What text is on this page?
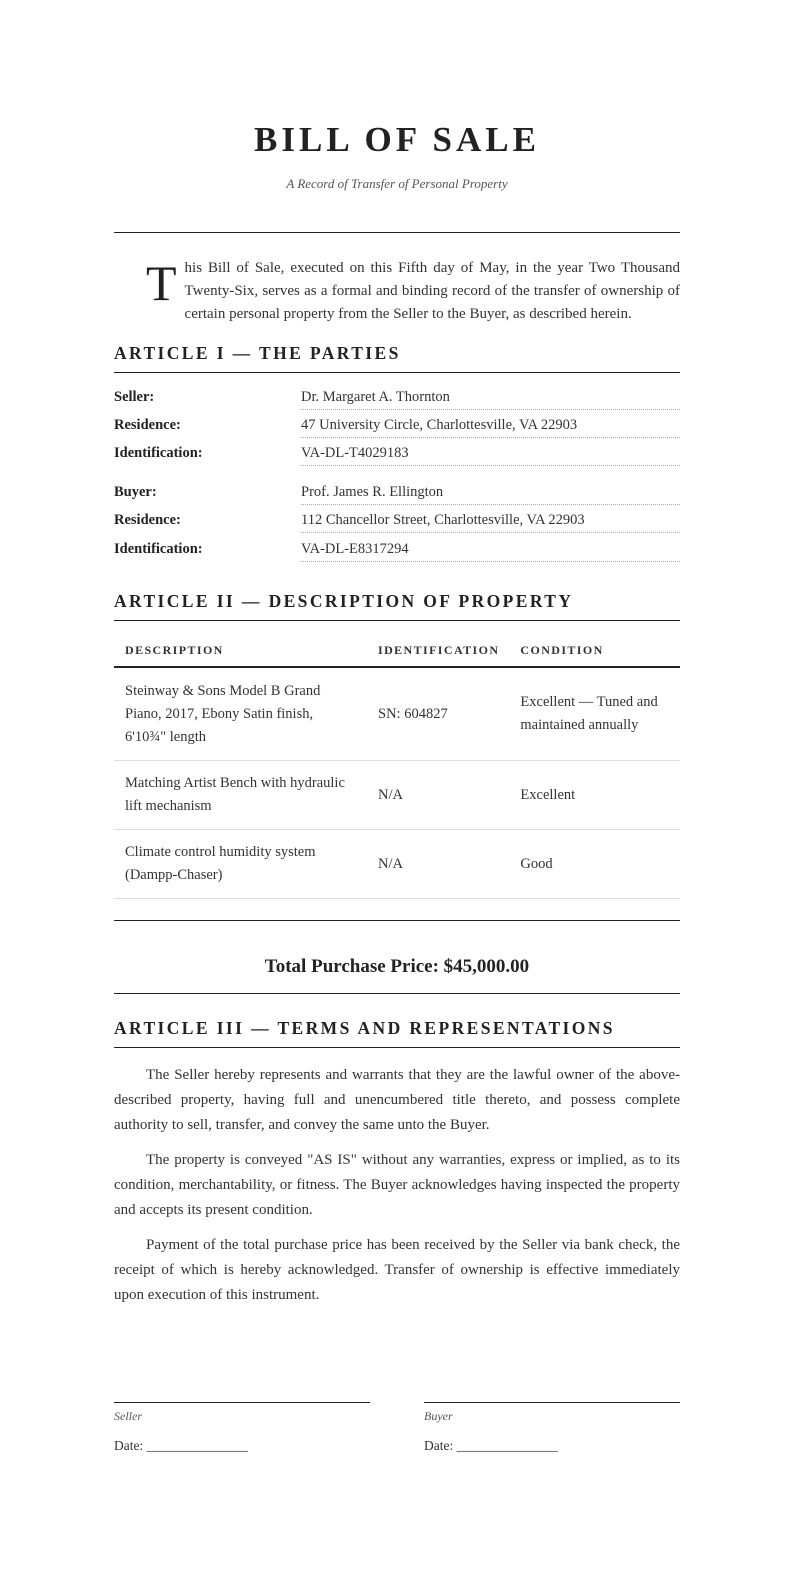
BILL OF SALE

A Record of Transfer of Personal Property

This Bill of Sale, executed on this Fifth day of May, in the year Two Thousand Twenty-Six, serves as a formal and binding record of the transfer of ownership of certain personal property from the Seller to the Buyer, as described herein.

ARTICLE I — THE PARTIES
Seller:	Dr. Margaret A. Thornton
Residence:	47 University Circle, Charlottesville, VA 22903
Identification:	VA-DL-T4029183
Buyer:	Prof. James R. Ellington
Residence:	112 Chancellor Street, Charlottesville, VA 22903
Identification:	VA-DL-E8317294
ARTICLE II — DESCRIPTION OF PROPERTY
DESCRIPTION	IDENTIFICATION	CONDITION
Steinway & Sons Model B Grand Piano, 2017, Ebony Satin finish, 6'10¾" length	SN: 604827	Excellent — Tuned and maintained annually
Matching Artist Bench with hydraulic lift mechanism	N/A	Excellent
Climate control humidity system (Dampp-Chaser)	N/A	Good

Total Purchase Price: $45,000.00

ARTICLE III — TERMS AND REPRESENTATIONS

The Seller hereby represents and warrants that they are the lawful owner of the above-described property, having full and unencumbered title thereto, and possess complete authority to sell, transfer, and convey the same unto the Buyer.

The property is conveyed "AS IS" without any warranties, express or implied, as to its condition, merchantability, or fitness. The Buyer acknowledges having inspected the property and accepts its present condition.

Payment of the total purchase price has been received by the Seller via bank check, the receipt of which is hereby acknowledged. Transfer of ownership is effective immediately upon execution of this instrument.

Seller
Date: _______________
Buyer
Date: _______________
